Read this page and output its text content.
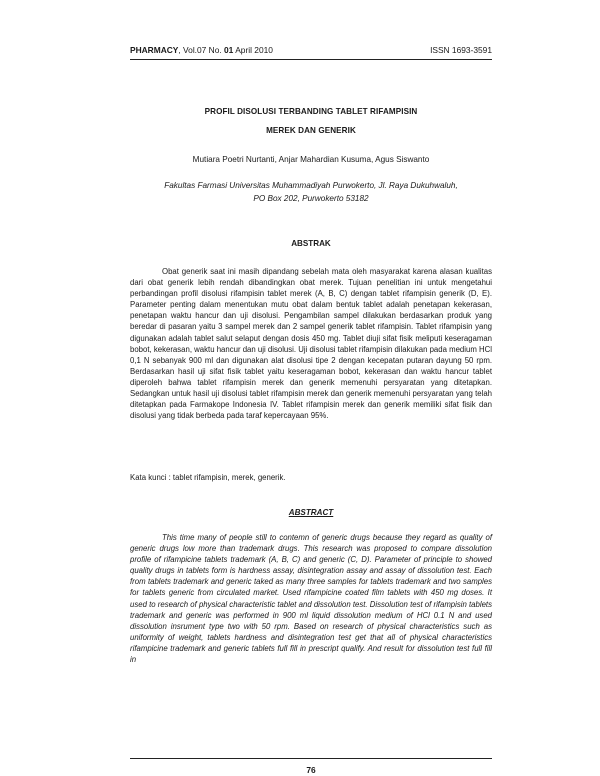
PHARMACY, Vol.07 No. 01 April 2010	ISSN 1693-3591
PROFIL DISOLUSI TERBANDING TABLET RIFAMPISIN
MEREK DAN GENERIK
Mutiara Poetri Nurtanti, Anjar Mahardian Kusuma, Agus Siswanto
Fakultas Farmasi Universitas Muhammadiyah Purwokerto, Jl. Raya Dukuhwaluh,
PO Box 202, Purwokerto 53182
ABSTRAK

Obat generik saat ini masih dipandang sebelah mata oleh masyarakat karena alasan kualitas dari obat generik lebih rendah dibandingkan obat merek. Tujuan penelitian ini untuk mengetahui perbandingan profil disolusi rifampisin tablet merek (A, B, C) dengan tablet rifampisin generik (D, E). Parameter penting dalam menentukan mutu obat dalam bentuk tablet adalah penetapan kekerasan, penetapan waktu hancur dan uji disolusi. Pengambilan sampel dilakukan berdasarkan produk yang beredar di pasaran yaitu 3 sampel merek dan 2 sampel generik tablet rifampisin. Tablet rifampisin yang digunakan adalah tablet salut selaput dengan dosis 450 mg. Tablet diuji sifat fisik meliputi keseragaman bobot, kekerasan, waktu hancur dan uji disolusi. Uji disolusi tablet rifampisin dilakukan pada medium HCl 0,1 N sebanyak 900 ml dan digunakan alat disolusi tipe 2 dengan kecepatan putaran dayung 50 rpm. Berdasarkan hasil uji sifat fisik tablet yaitu keseragaman bobot, kekerasan dan waktu hancur tablet diperoleh bahwa tablet rifampisin merek dan generik memenuhi persyaratan yang ditetapkan. Sedangkan untuk hasil uji disolusi tablet rifampisin merek dan generik memenuhi persyaratan yang telah ditetapkan pada Farmakope Indonesia IV. Tablet rifampisin merek dan generik memiliki sifat fisik dan disolusi yang tidak berbeda pada taraf kepercayaan 95%.

Kata kunci : tablet rifampisin, merek, generik.

ABSTRACT

This time many of people still to contemn of generic drugs because they regard as quality of generic drugs low more than trademark drugs. This research was proposed to compare dissolution profile of rifampicine tablets trademark (A, B, C) and generic (C, D). Parameter of principle to showed quality drugs in tablets form is hardness assay, disintegration assay and assay of dissolution test. Each from tablets trademark and generic taked as many three samples for tablets trademark and two samples for tablets generic from circulated market. Used rifampicine coated film tablets with 450 mg doses. It used to research of physical characteristic tablet and dissolution test. Dissolution test of rifampisin tablets trademark and generic was performed in 900 ml liquid dissolution medium of HCl 0.1 N and used dissolution insrument type two with 50 rpm. Based on research of physical characteristics such as uniformity of weight, tablets hardness and disintegration test get that all of physical characteristics rifampicine trademark and generic tablets full fill in prescript qualify. And result for dissolution test full fill in

76
